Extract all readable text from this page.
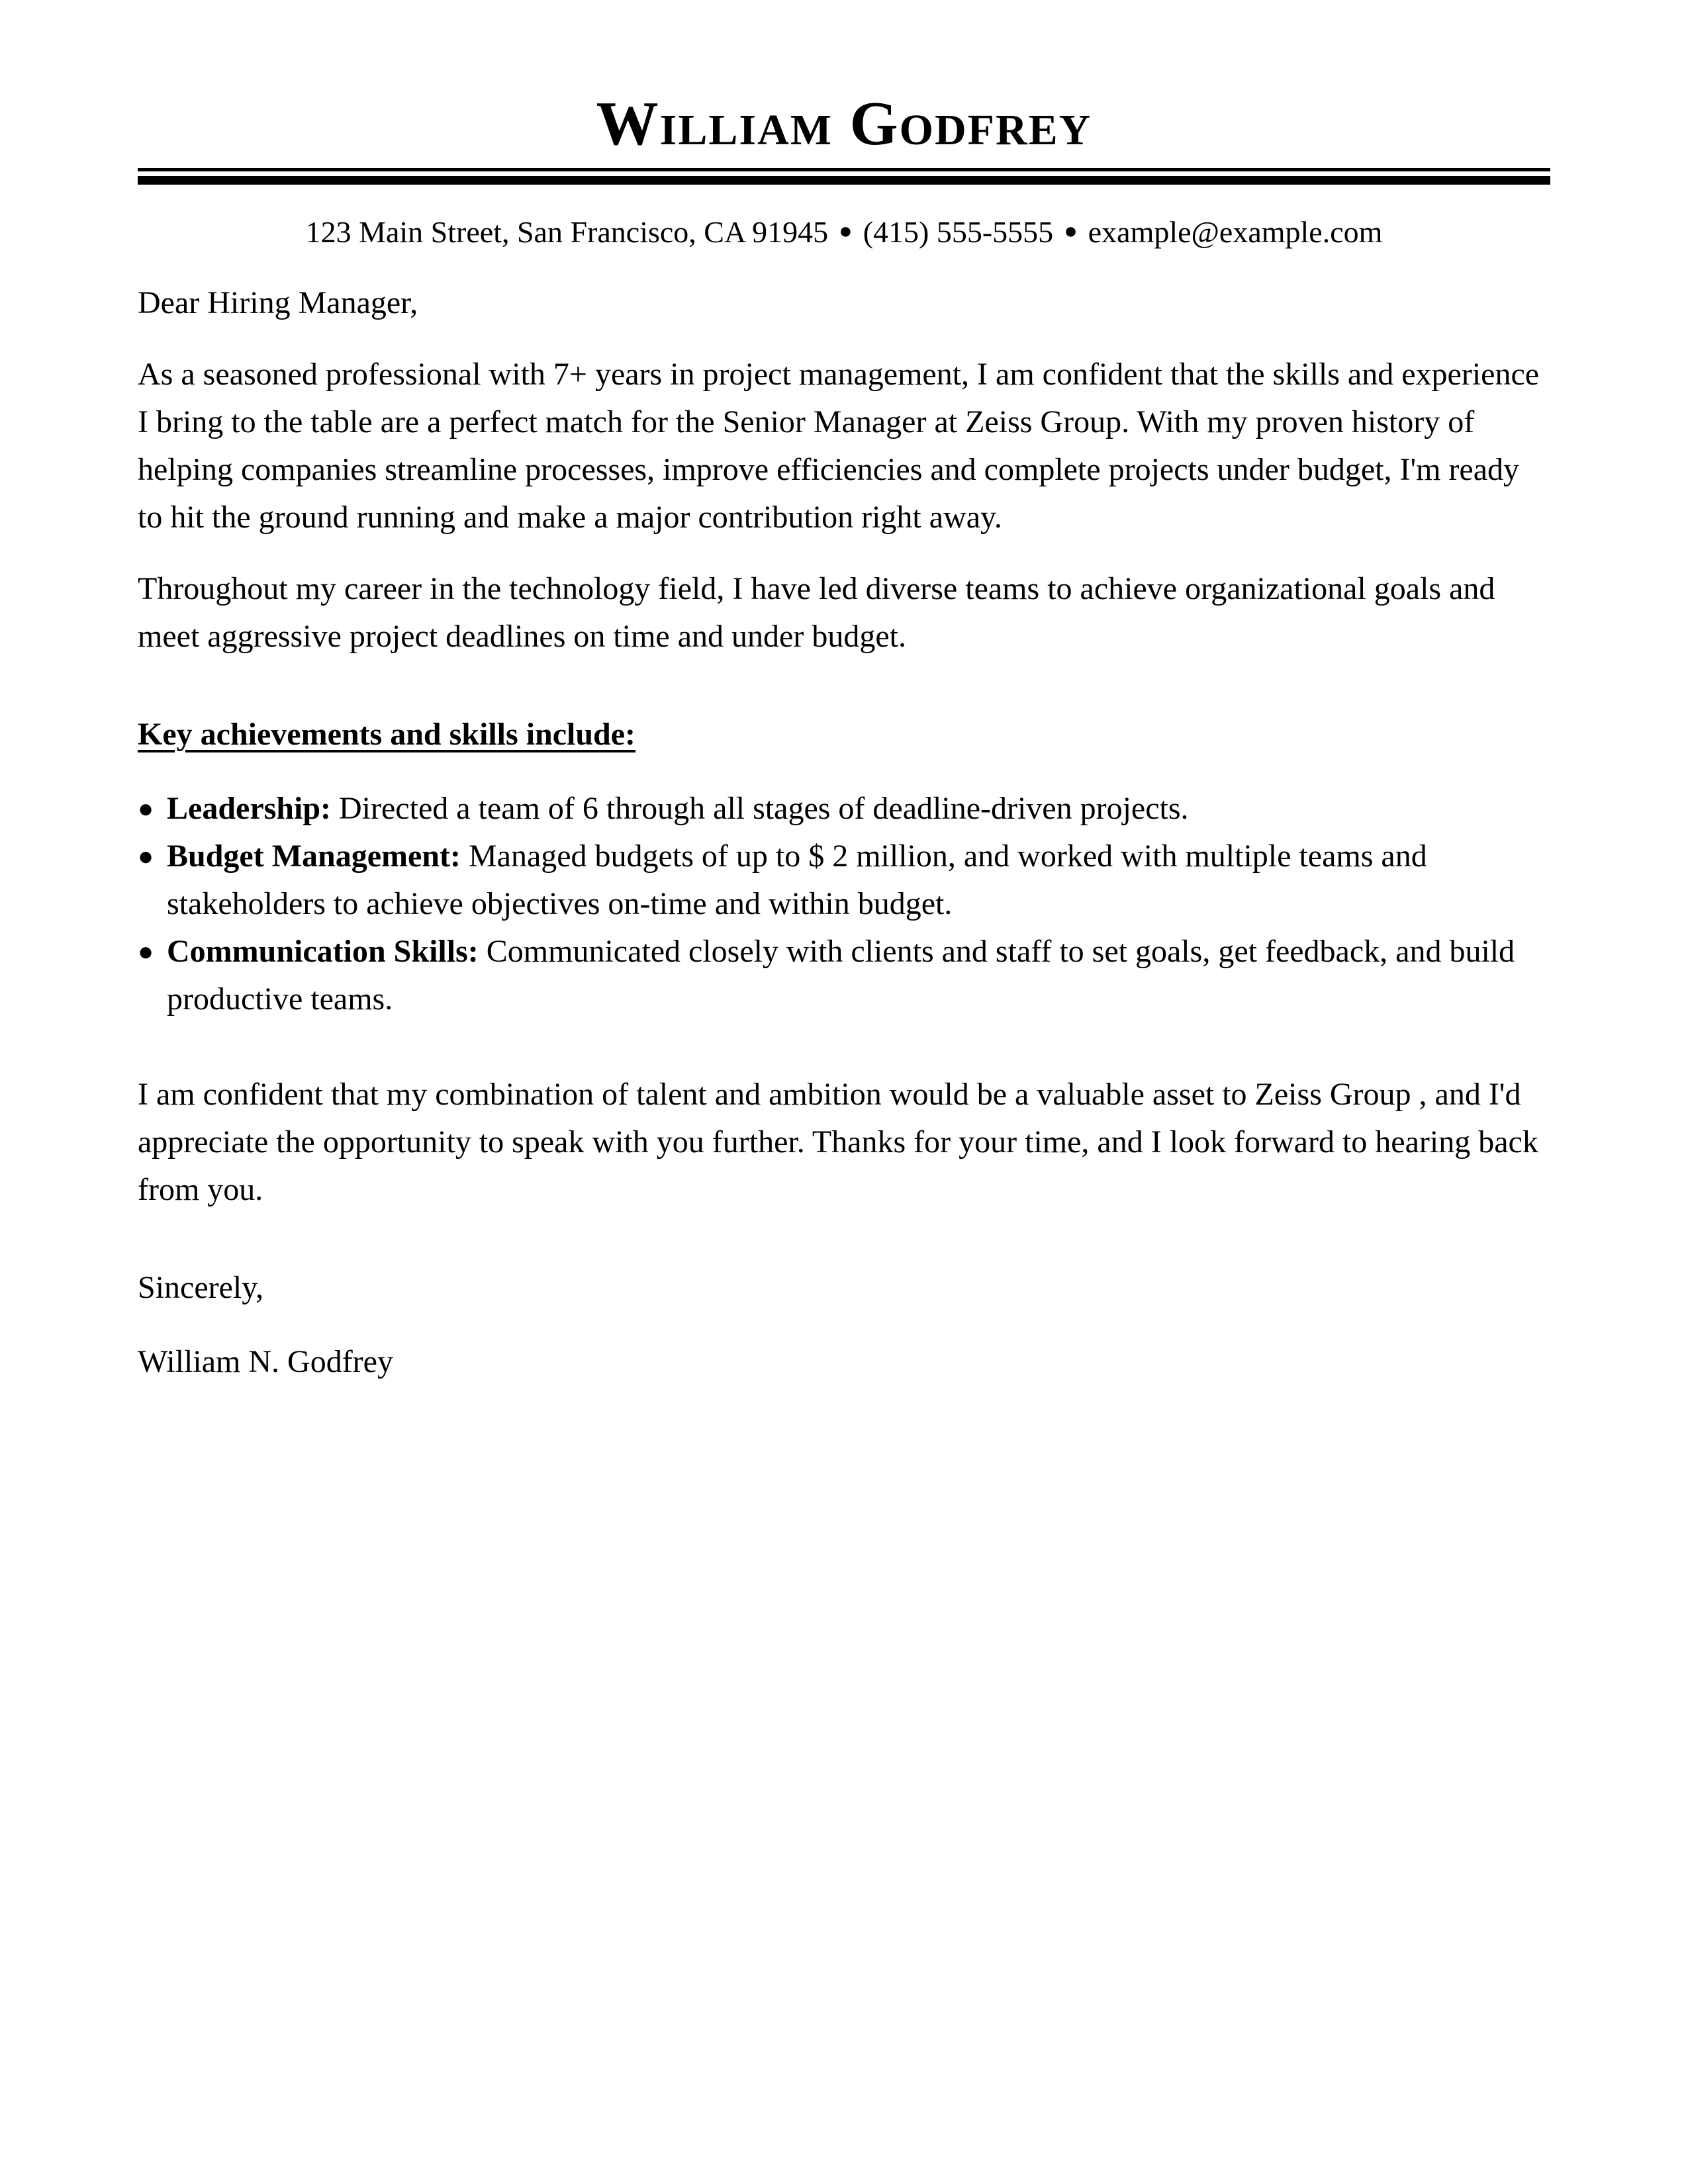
William Godfrey
123 Main Street, San Francisco, CA 91945 ● (415) 555-5555 ● example@example.com

Dear Hiring Manager,

As a seasoned professional with 7+ years in project management, I am confident that the skills and experience I bring to the table are a perfect match for the Senior Manager at Zeiss Group. With my proven history of helping companies streamline processes, improve efficiencies and complete projects under budget, I'm ready to hit the ground running and make a major contribution right away.

Throughout my career in the technology field, I have led diverse teams to achieve organizational goals and meet aggressive project deadlines on time and under budget.

Key achievements and skills include:

● Leadership: Directed a team of 6 through all stages of deadline-driven projects.
● Budget Management: Managed budgets of up to $ 2 million, and worked with multiple teams and stakeholders to achieve objectives on-time and within budget.
● Communication Skills: Communicated closely with clients and staff to set goals, get feedback, and build productive teams.

I am confident that my combination of talent and ambition would be a valuable asset to Zeiss Group , and I'd appreciate the opportunity to speak with you further. Thanks for your time, and I look forward to hearing back from you.

Sincerely,

William N. Godfrey
